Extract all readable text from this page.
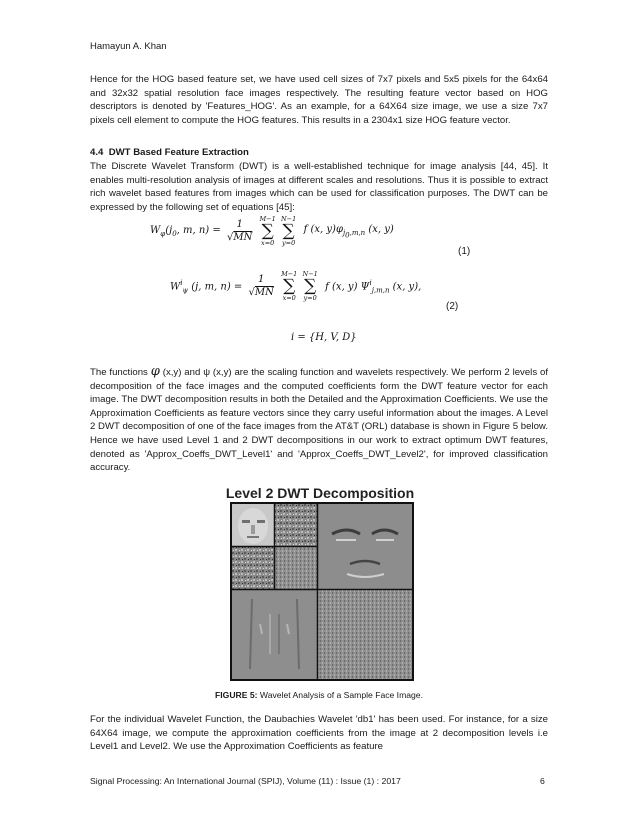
Hamayun A. Khan
Hence for the HOG based feature set, we have used cell sizes of 7x7 pixels and 5x5 pixels for the 64x64 and 32x32 spatial resolution face images respectively. The resulting feature vector based on HOG descriptors is denoted by 'Features_HOG'. As an example, for a 64X64 size image, we use a size 7x7 pixels cell element to compute the HOG features. This results in a 2304x1 size HOG feature vector.
4.4 DWT Based Feature Extraction
The Discrete Wavelet Transform (DWT) is a well-established technique for image analysis [44, 45]. It enables multi-resolution analysis of images at different scales and resolutions. Thus it is possible to extract rich wavelet based features from images which can be used for classification purposes. The DWT can be expressed by the following set of equations [45]:
$W_\varphi(j_0$, m, $n) = \frac{1}{√MN}$
M−1
∑
x=0

N−1
∑
y=0
f (x, $y)\varphi_{j_0,m,n}$ (x, y)
(1)
$W^i_\psi$ (j, m, $n) = \frac{1}{√MN}$
M−1
∑
x=0

N−1
∑
y=0
f (x, y) $\Psi^i_{j,m,n}$ (x, y),
(2)
i = {H, V, D}
The functions φ (x,y) and ψ (x,y) are the scaling function and wavelets respectively. We perform 2 levels of decomposition of the face images and the computed coefficients form the DWT feature vector for each image. The DWT decomposition results in both the Detailed and the Approximation Coefficients. We use the Approximation Coefficients as feature vectors since they carry useful information about the images. A Level 2 DWT decomposition of one of the face images from the AT&T (ORL) database is shown in Figure 5 below. Hence we have used Level 1 and 2 DWT decompositions in our work to extract optimum DWT features, denoted as 'Approx_Coeffs_DWT_Level1' and 'Approx_Coeffs_DWT_Level2', for improved classification accuracy.
Level 2 DWT Decomposition
FIGURE 5: Wavelet Analysis of a Sample Face Image.
For the individual Wavelet Function, the Daubachies Wavelet 'db1' has been used. For instance, for a size 64X64 image, we compute the approximation coefficients from the image at 2 decomposition levels i.e Level1 and Level2. We use the Approximation Coefficients as feature
Signal Processing: An International Journal (SPIJ), Volume (11) : Issue (1) : 2017	6
